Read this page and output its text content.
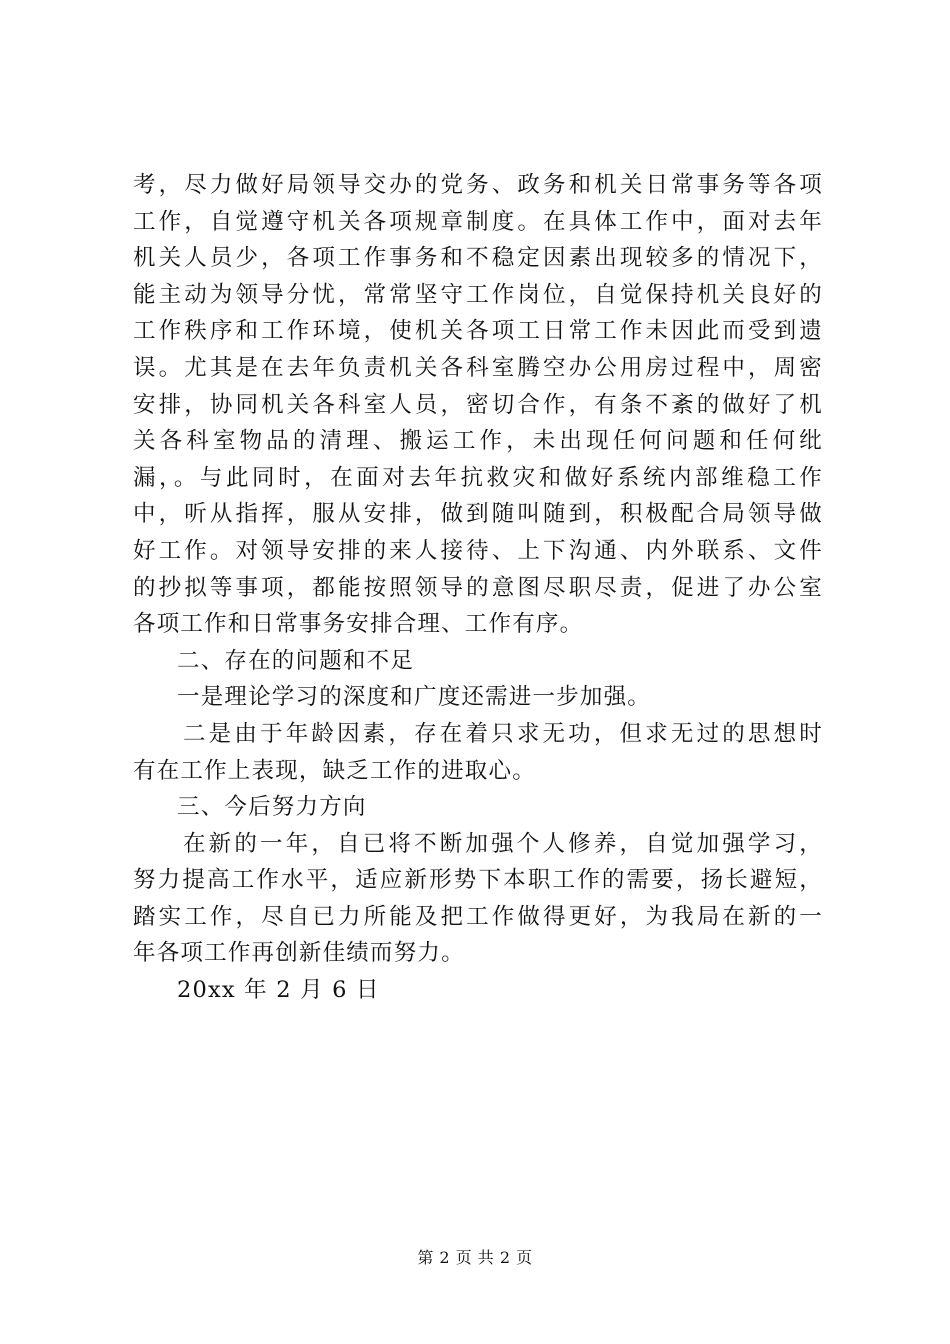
考，尽力做好局领导交办的党务、政务和机关日常事务等各项
工作，自觉遵守机关各项规章制度。在具体工作中，面对去年
机关人员少，各项工作事务和不稳定因素出现较多的情况下，
能主动为领导分忧，常常坚守工作岗位，自觉保持机关良好的
工作秩序和工作环境，使机关各项工日常工作未因此而受到遗
误。尤其是在去年负责机关各科室腾空办公用房过程中，周密
安排，协同机关各科室人员，密切合作，有条不紊的做好了机
关各科室物品的清理、搬运工作，未出现任何问题和任何纰
漏，。与此同时，在面对去年抗救灾和做好系统内部维稳工作
中，听从指挥，服从安排，做到随叫随到，积极配合局领导做
好工作。对领导安排的来人接待、上下沟通、内外联系、文件
的抄拟等事项，都能按照领导的意图尽职尽责，促进了办公室
各项工作和日常事务安排合理、工作有序。
二、存在的问题和不足
一是理论学习的深度和广度还需进一步加强。
二是由于年龄因素，存在着只求无功，但求无过的思想时
有在工作上表现，缺乏工作的进取心。
三、今后努力方向
在新的一年，自已将不断加强个人修养，自觉加强学习，
努力提高工作水平，适应新形势下本职工作的需要，扬长避短，
踏实工作，尽自已力所能及把工作做得更好，为我局在新的一
年各项工作再创新佳绩而努力。
20xx 年 2 月 6 日
第 2 页 共 2 页
